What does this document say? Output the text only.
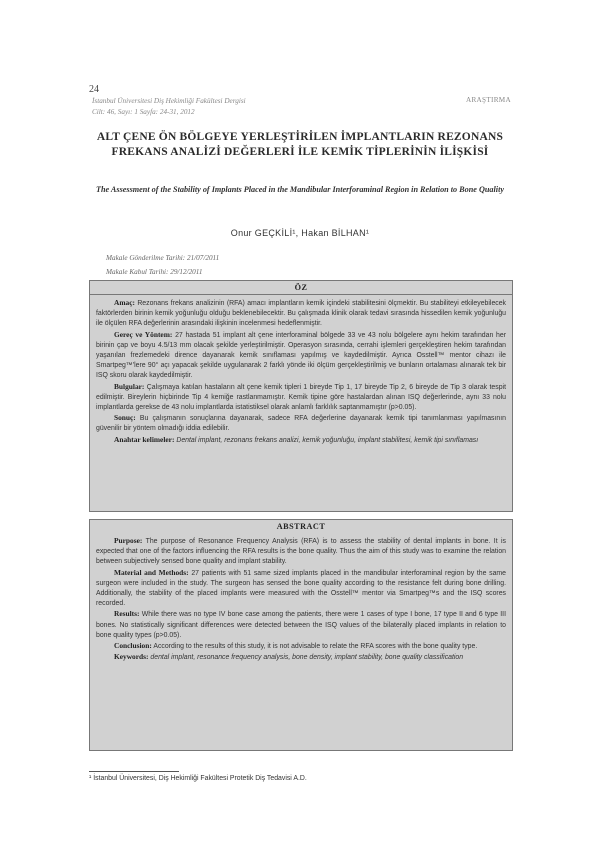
24
İstanbul Üniversitesi Diş Hekimliği Fakültesi Dergisi
Cilt: 46, Sayı: 1 Sayfa: 24-31, 2012
ARAŞTIRMA
ALT ÇENE ÖN BÖLGEYE YERLEŞTİRİLEN İMPLANTLARIN REZONANS FREKANS ANALİZİ DEĞERLERİ İLE KEMİK TİPLERİNİN İLİŞKİSİ
The Assessment of the Stability of Implants Placed in the Mandibular Interforaminal Region in Relation to Bone Quality
Onur GEÇKİLİ¹, Hakan BİLHAN¹
Makale Gönderilme Tarihi: 21/07/2011
Makale Kabul Tarihi: 29/12/2011
ÖZ

Amaç: Rezonans frekans analizinin (RFA) amacı implantların kemik içindeki stabilitesini ölçmektir. Bu stabiliteyi etkileyebilecek faktörlerden birinin kemik yoğunluğu olduğu beklenebilecektir. Bu çalışmada klinik olarak tedavi sırasında hissedilen kemik yoğunluğu ile ölçülen RFA değerlerinin arasındaki ilişkinin incelenmesi hedeflenmiştir.

Gereç ve Yöntem: 27 hastada 51 implant alt çene interforaminal bölgede 33 ve 43 nolu bölgelere aynı hekim tarafından her birinin çap ve boyu 4.5/13 mm olacak şekilde yerleştirilmiştir. Operasyon sırasında, cerrahi işlemleri gerçekleştiren hekim tarafından yaşanılan frezlemedeki dirence dayanarak kemik sınıflaması yapılmış ve kaydedilmiştir. Ayrıca Osstell™ mentor cihazı ile Smartpeg™'lere 90° açı yapacak şekilde uygulanarak 2 farklı yönde iki ölçüm gerçekleştirilmiş ve bunların ortalaması alınarak tek bir ISQ skoru olarak kaydedilmiştir.

Bulgular: Çalışmaya katılan hastaların alt çene kemik tipleri 1 bireyde Tip 1, 17 bireyde Tip 2, 6 bireyde de Tip 3 olarak tespit edilmiştir. Bireylerin hiçbirinde Tip 4 kemiğe rastlanmamıştır. Kemik tipine göre hastalardan alınan ISQ değerlerinde, aynı 33 nolu implantlarda gerekse de 43 nolu implantlarda istatistiksel olarak anlamlı farklılık saptanmamıştır (p>0.05).

Sonuç: Bu çalışmanın sonuçlarına dayanarak, sadece RFA değerlerine dayanarak kemik tipi tanımlanması yapılmasının güvenilir bir yöntem olmadığı iddia edilebilir.

Anahtar kelimeler: Dental implant, rezonans frekans analizi, kemik yoğunluğu, implant stabilitesi, kemik tipi sınıflaması

ABSTRACT

Purpose: The purpose of Resonance Frequency Analysis (RFA) is to assess the stability of dental implants in bone. It is expected that one of the factors influencing the RFA results is the bone quality. Thus the aim of this study was to examine the relation between subjectively sensed bone quality and implant stability.

Material and Methods: 27 patients with 51 same sized implants placed in the mandibular interforaminal region by the same surgeon were included in the study. The surgeon has sensed the bone quality according to the resistance felt during bone drilling. Additionally, the stability of the placed implants were measured with the Osstell™ mentor via Smartpeg™s and the ISQ scores recorded.

Results: While there was no type IV bone case among the patients, there were 1 cases of type I bone, 17 type II and 6 type III bones. No statistically significant differences were detected between the ISQ values of the bilaterally placed implants in relation to bone quality types (p>0.05).

Conclusion: According to the results of this study, it is not advisable to relate the RFA scores with the bone quality type.

Keywords: dental implant, resonance frequency analysis, bone density, implant stability, bone quality classification

¹ İstanbul Üniversitesi, Diş Hekimliği Fakültesi Protetik Diş Tedavisi A.D.
